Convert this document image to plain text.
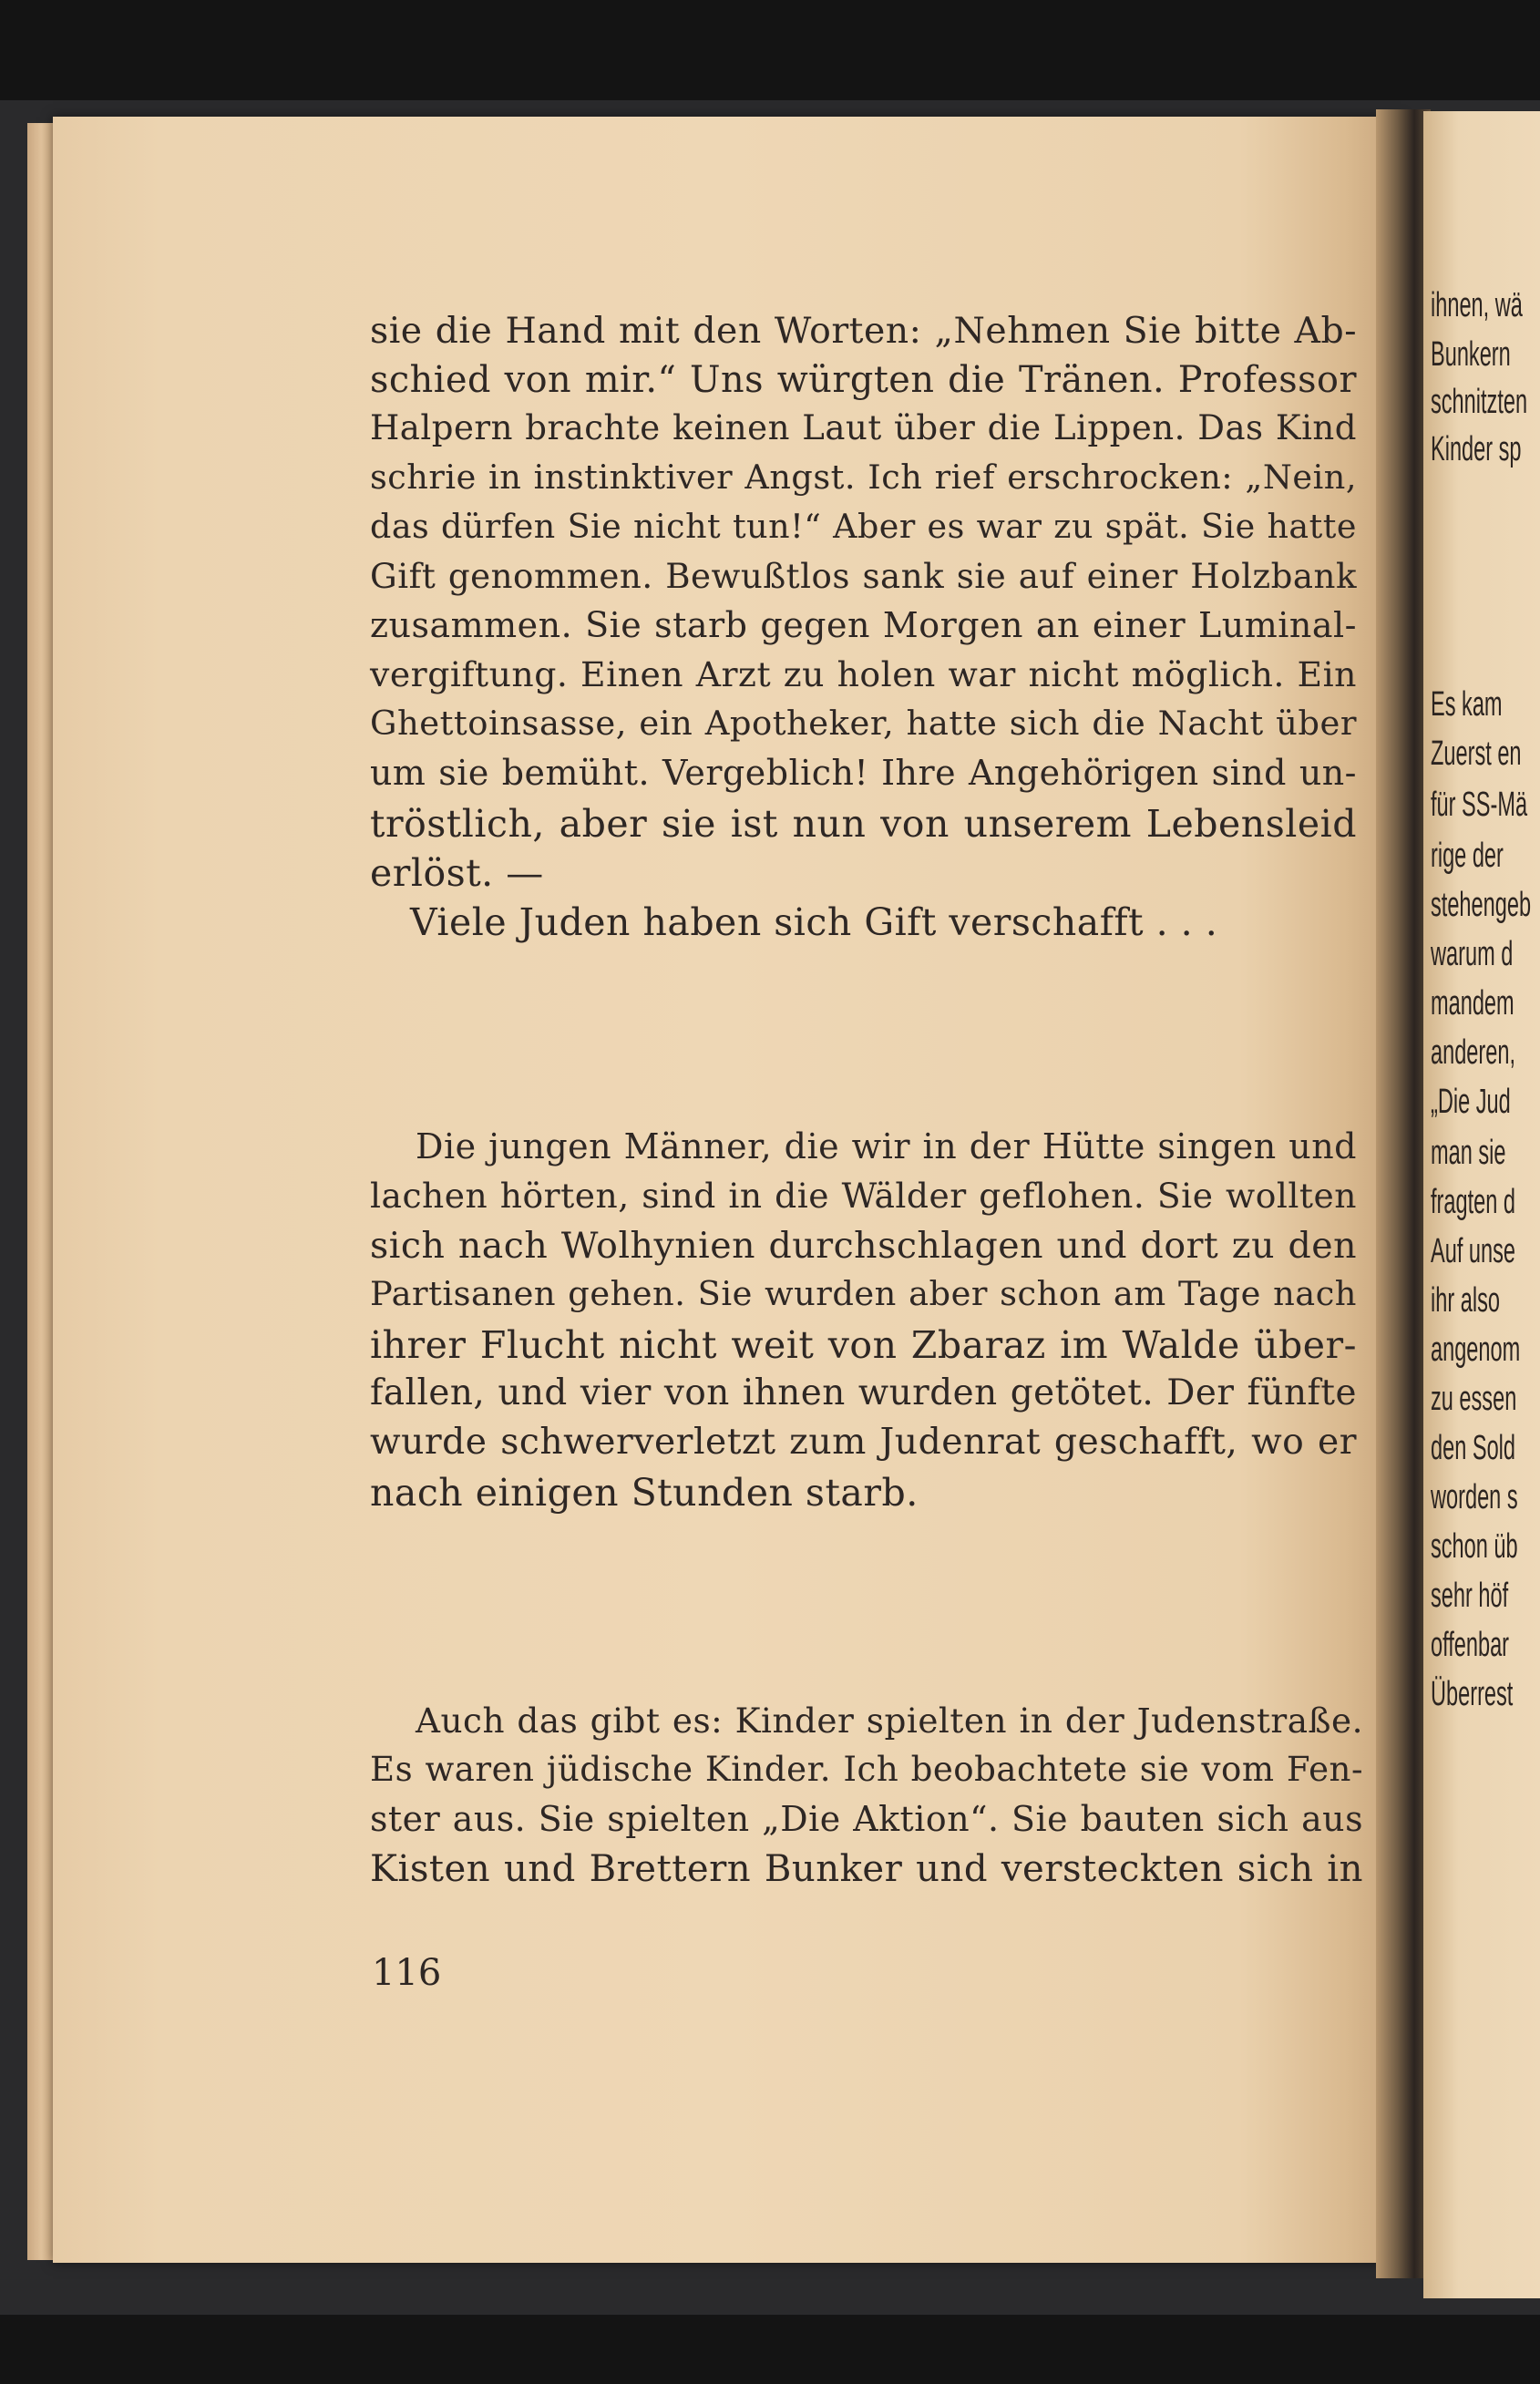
ihnen, wä
Bunkern
schnitzten
Kinder sp
Es kam
Zuerst en
für SS-Mä
rige der
stehengeb
warum d
mandem
anderen,
„Die Jud
man sie
fragten d
Auf unse
ihr also
angenom
zu essen
den Sold
worden s
schon üb
sehr höf
offenbar
Überrest
sie die Hand mit den Worten: „Nehmen Sie bitte Ab-
schied von mir.“ Uns würgten die Tränen. Professor
Halpern brachte keinen Laut über die Lippen. Das Kind
schrie in instinktiver Angst. Ich rief erschrocken: „Nein,
das dürfen Sie nicht tun!“ Aber es war zu spät. Sie hatte
Gift genommen. Bewußtlos sank sie auf einer Holzbank
zusammen. Sie starb gegen Morgen an einer Luminal-
vergiftung. Einen Arzt zu holen war nicht möglich. Ein
Ghettoinsasse, ein Apotheker, hatte sich die Nacht über
um sie bemüht. Vergeblich! Ihre Angehörigen sind un-
tröstlich, aber sie ist nun von unserem Lebensleid
erlöst. —
Viele Juden haben sich Gift verschafft . . .
Die jungen Männer, die wir in der Hütte singen und
lachen hörten, sind in die Wälder geflohen. Sie wollten
sich nach Wolhynien durchschlagen und dort zu den
Partisanen gehen. Sie wurden aber schon am Tage nach
ihrer Flucht nicht weit von Zbaraz im Walde über-
fallen, und vier von ihnen wurden getötet. Der fünfte
wurde schwerverletzt zum Judenrat geschafft, wo er
nach einigen Stunden starb.
Auch das gibt es: Kinder spielten in der Judenstraße.
Es waren jüdische Kinder. Ich beobachtete sie vom Fen-
ster aus. Sie spielten „Die Aktion“. Sie bauten sich aus
Kisten und Brettern Bunker und versteckten sich in
116
